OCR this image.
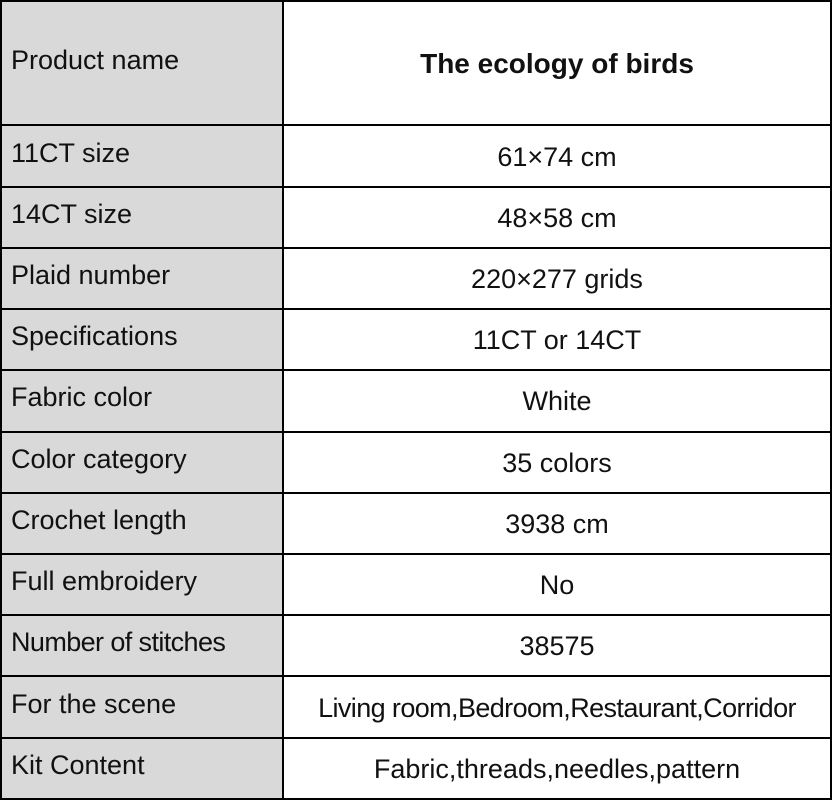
Product name	The ecology of birds
11CT size	61×74 cm
14CT size	48×58 cm
Plaid number	220×277 grids
Specifications	11CT or 14CT
Fabric color	White
Color category	35 colors
Crochet length	3938 cm
Full embroidery	No
Number of stitches	38575
For the scene	Living room,Bedroom,Restaurant,Corridor
Kit Content	Fabric,threads,needles,pattern
